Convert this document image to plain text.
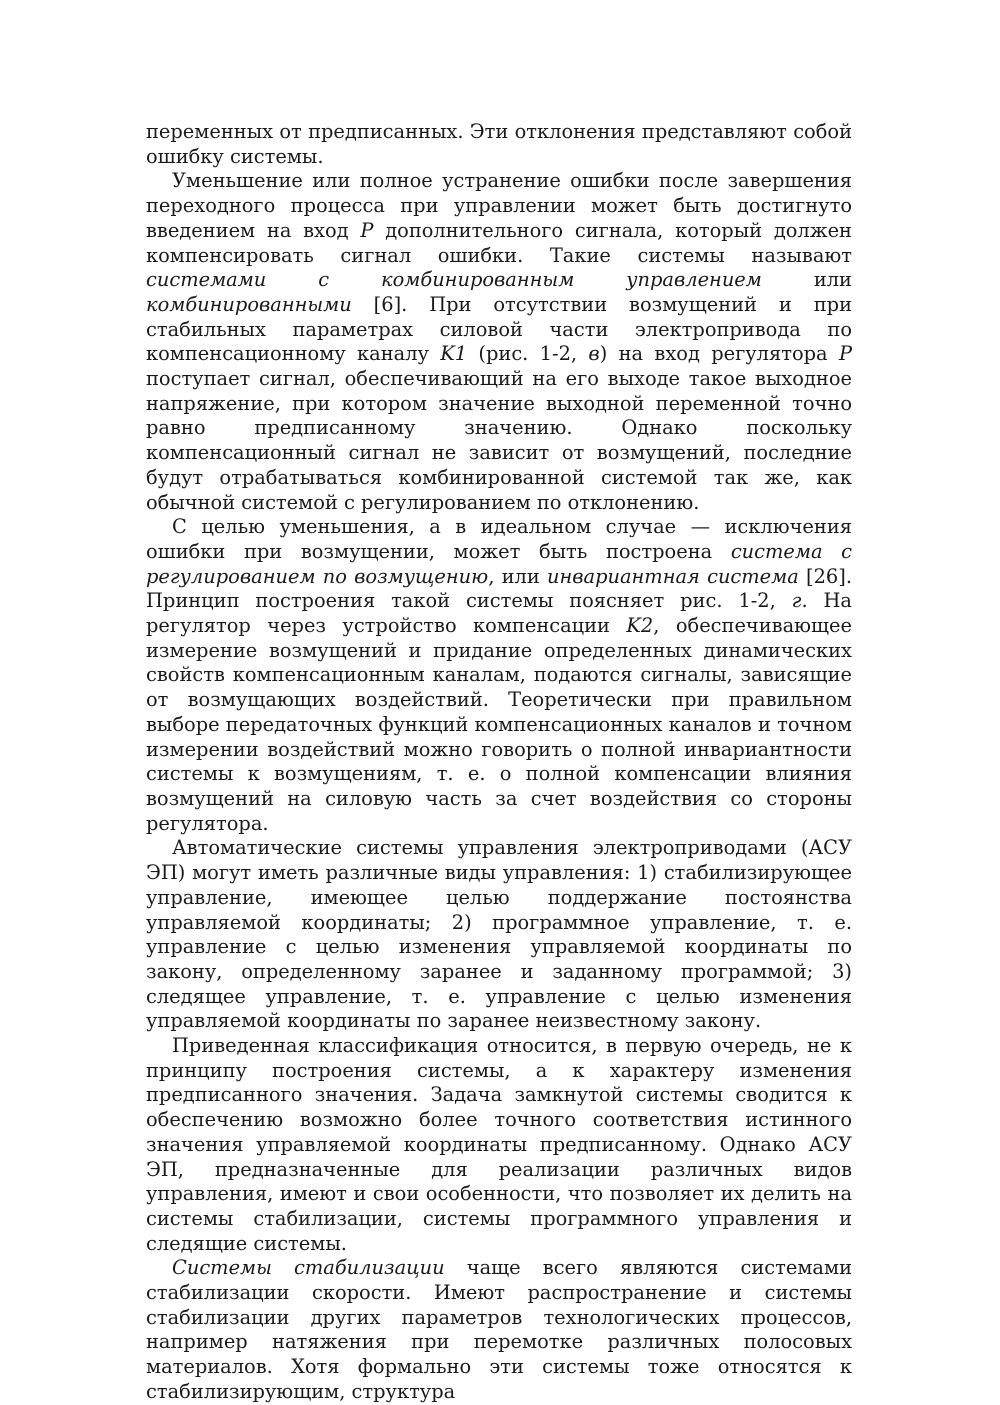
переменных от предписанных. Эти отклонения представляют собой ошибку системы.

Уменьшение или полное устранение ошибки после завершения переходного процесса при управлении может быть достигнуто введением на вход P дополнительного сигнала, который должен компенсировать сигнал ошибки. Такие системы называют системами с комбинированным управлением или комбинированными [6]. При отсутствии возмущений и при стабильных параметрах силовой части электропривода по компенсационному каналу K1 (рис. 1-2, в) на вход регулятора P поступает сигнал, обеспечивающий на его выходе такое выходное напряжение, при котором значение выходной переменной точно равно предписанному значению. Однако поскольку компенсационный сигнал не зависит от возмущений, последние будут отрабатываться комбинированной системой так же, как обычной системой с регулированием по отклонению.

С целью уменьшения, а в идеальном случае — исключения ошибки при возмущении, может быть построена система с регулированием по возмущению, или инвариантная система [26]. Принцип построения такой системы поясняет рис. 1-2, г. На регулятор через устройство компенсации K2, обеспечивающее измерение возмущений и придание определенных динамических свойств компенсационным каналам, подаются сигналы, зависящие от возмущающих воздействий. Теоретически при правильном выборе передаточных функций компенсационных каналов и точном измерении воздействий можно говорить о полной инвариантности системы к возмущениям, т. е. о полной компенсации влияния возмущений на силовую часть за счет воздействия со стороны регулятора.

Автоматические системы управления электроприводами (АСУ ЭП) могут иметь различные виды управления: 1) стабилизирующее управление, имеющее целью поддержание постоянства управляемой координаты; 2) программное управление, т. е. управление с целью изменения управляемой координаты по закону, определенному заранее и заданному программой; 3) следящее управление, т. е. управление с целью изменения управляемой координаты по заранее неизвестному закону.

Приведенная классификация относится, в первую очередь, не к принципу построения системы, а к характеру изменения предписанного значения. Задача замкнутой системы сводится к обеспечению возможно более точного соответствия истинного значения управляемой координаты предписанному. Однако АСУ ЭП, предназначенные для реализации различных видов управления, имеют и свои особенности, что позволяет их делить на системы стабилизации, системы программного управления и следящие системы.

Системы стабилизации чаще всего являются системами стабилизации скорости. Имеют распространение и системы стабилизации других параметров технологических процессов, например натяжения при перемотке различных полосовых материалов. Хотя формально эти системы тоже относятся к стабилизирующим, структура
